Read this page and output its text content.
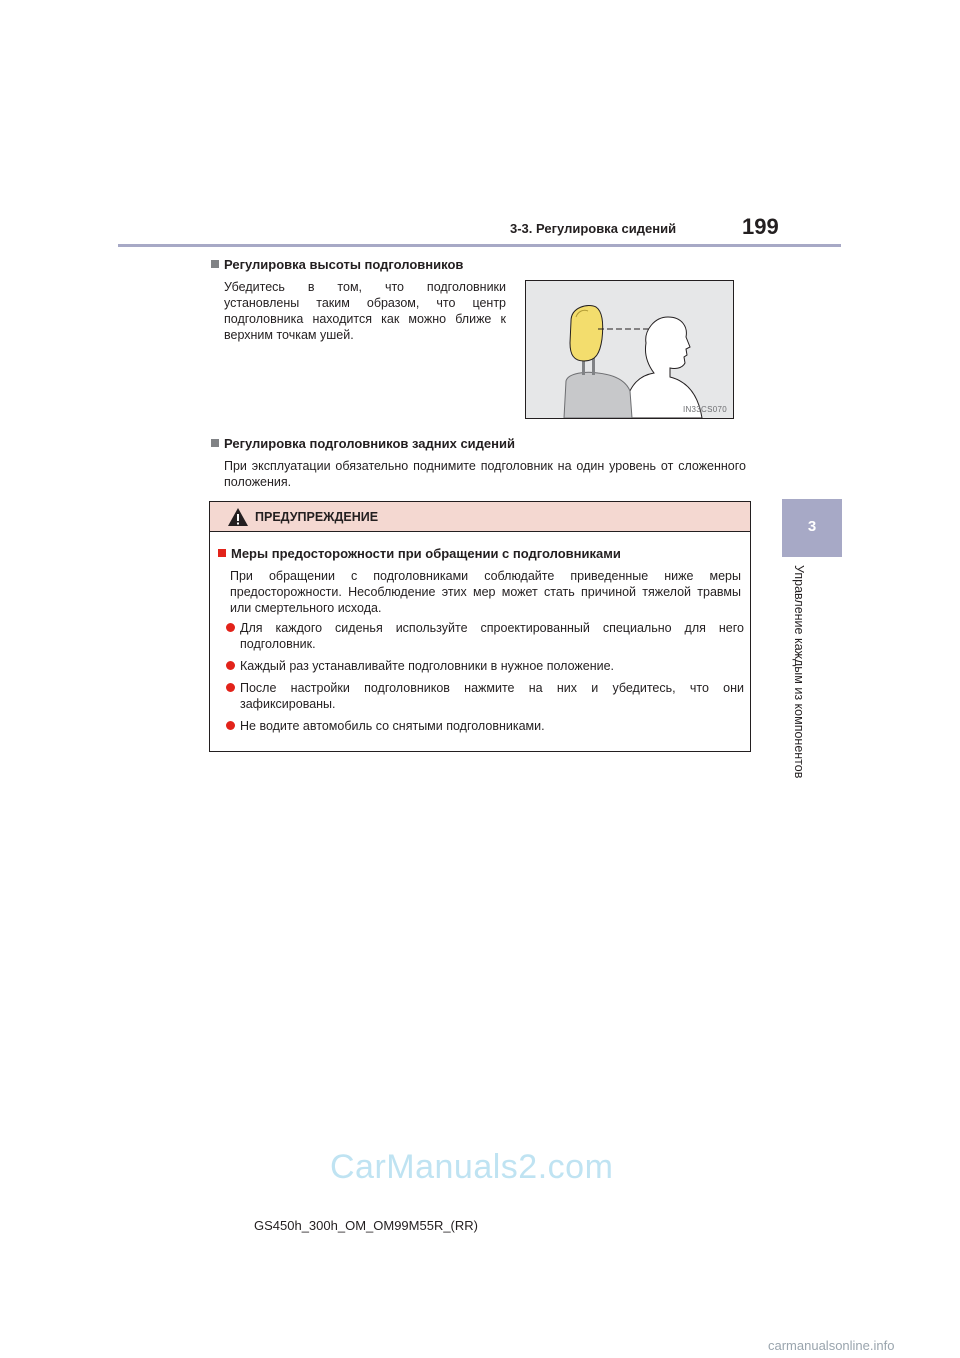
3-3. Регулировка сидений	199
3
Управление каждым из компонентов
Регулировка высоты подголовников
Убедитесь в том, что подголовники установлены таким образом, что центр подголовника находится как можно ближе к верхним точкам ушей.
IN33CS070
Регулировка подголовников задних сидений
При эксплуатации обязательно поднимите подголовник на один уровень от сложенного положения.
ПРЕДУПРЕЖДЕНИЕ
Меры предосторожности при обращении с подголовниками
При обращении с подголовниками соблюдайте приведенные ниже меры предосторожности. Несоблюдение этих мер может стать причиной тяжелой травмы или смертельного исхода.
Для каждого сиденья используйте спроектированный специально для него подголовник.
Каждый раз устанавливайте подголовники в нужное положение.
После настройки подголовников нажмите на них и убедитесь, что они зафиксированы.
Не водите автомобиль со снятыми подголовниками.
CarManuals2.com
GS450h_300h_OM_OM99M55R_(RR)
carmanualsonline.info
